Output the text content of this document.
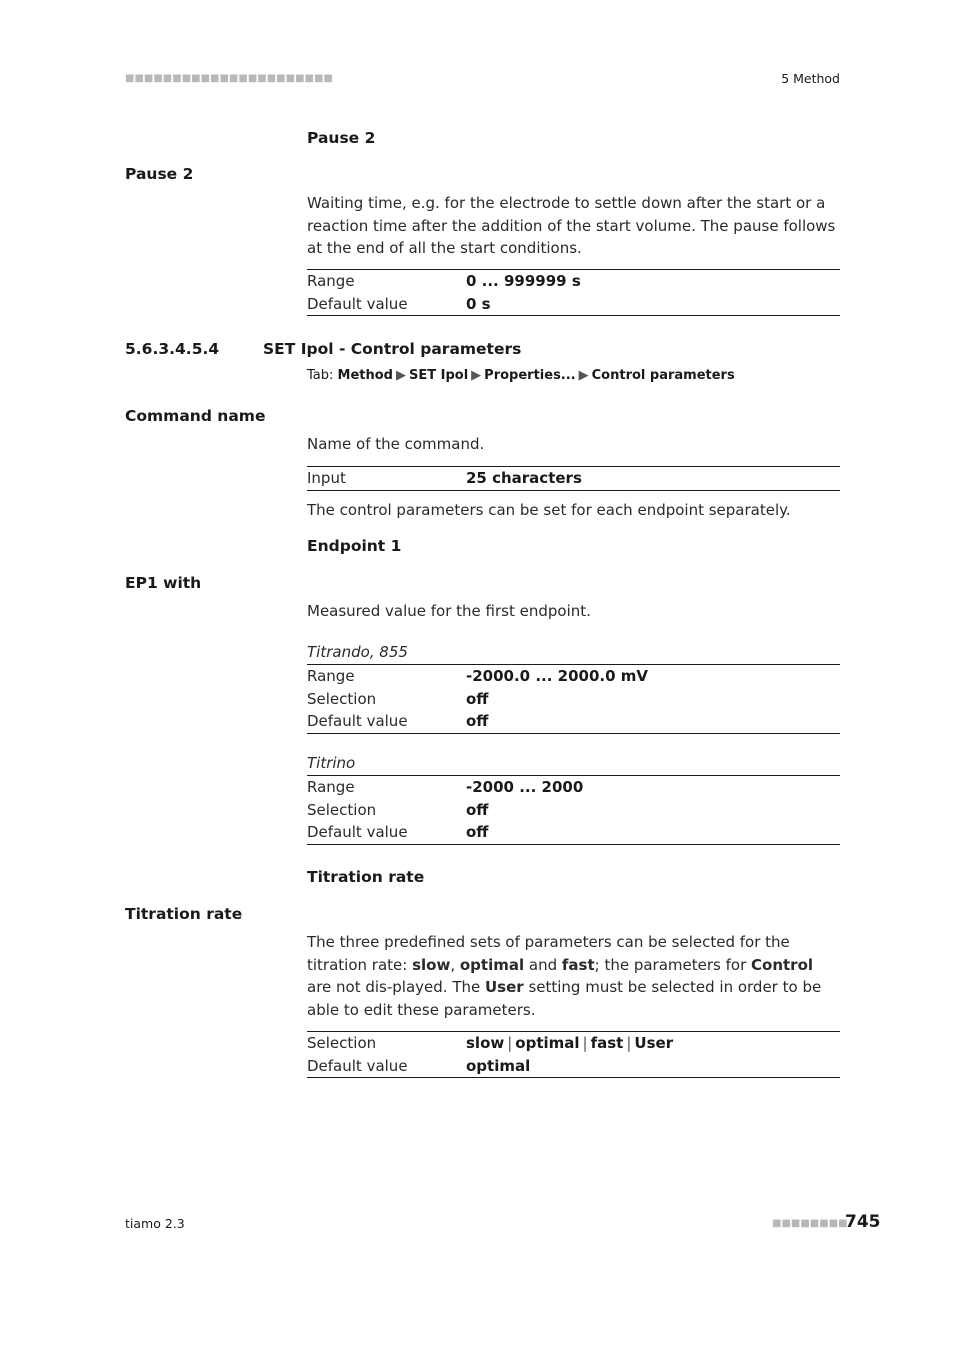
■■■■■■■■■■■■■■■■■■■■■■	5 Method
Pause 2
Pause 2
Waiting time, e.g. for the electrode to settle down after the start or a reaction time after the addition of the start volume. The pause follows at the end of all the start conditions.
Range	0 ... 999999 s
Default value	0 s
5.6.3.4.5.4	SET Ipol - Control parameters
Tab: Method ▶ SET Ipol ▶ Properties... ▶ Control parameters
Command name
Name of the command.
Input	25 characters
The control parameters can be set for each endpoint separately.
Endpoint 1
EP1 with
Measured value for the first endpoint.
Titrando, 855
Range	-2000.0 ... 2000.0 mV
Selection	off
Default value	off
Titrino
Range	-2000 ... 2000
Selection	off
Default value	off
Titration rate
Titration rate
The three predefined sets of parameters can be selected for the titration rate: slow, optimal and fast; the parameters for Control are not dis-played. The User setting must be selected in order to be able to edit these parameters.
Selection	slow | optimal | fast | User
Default value	optimal
tiamo 2.3	■■■■■■■■
745
